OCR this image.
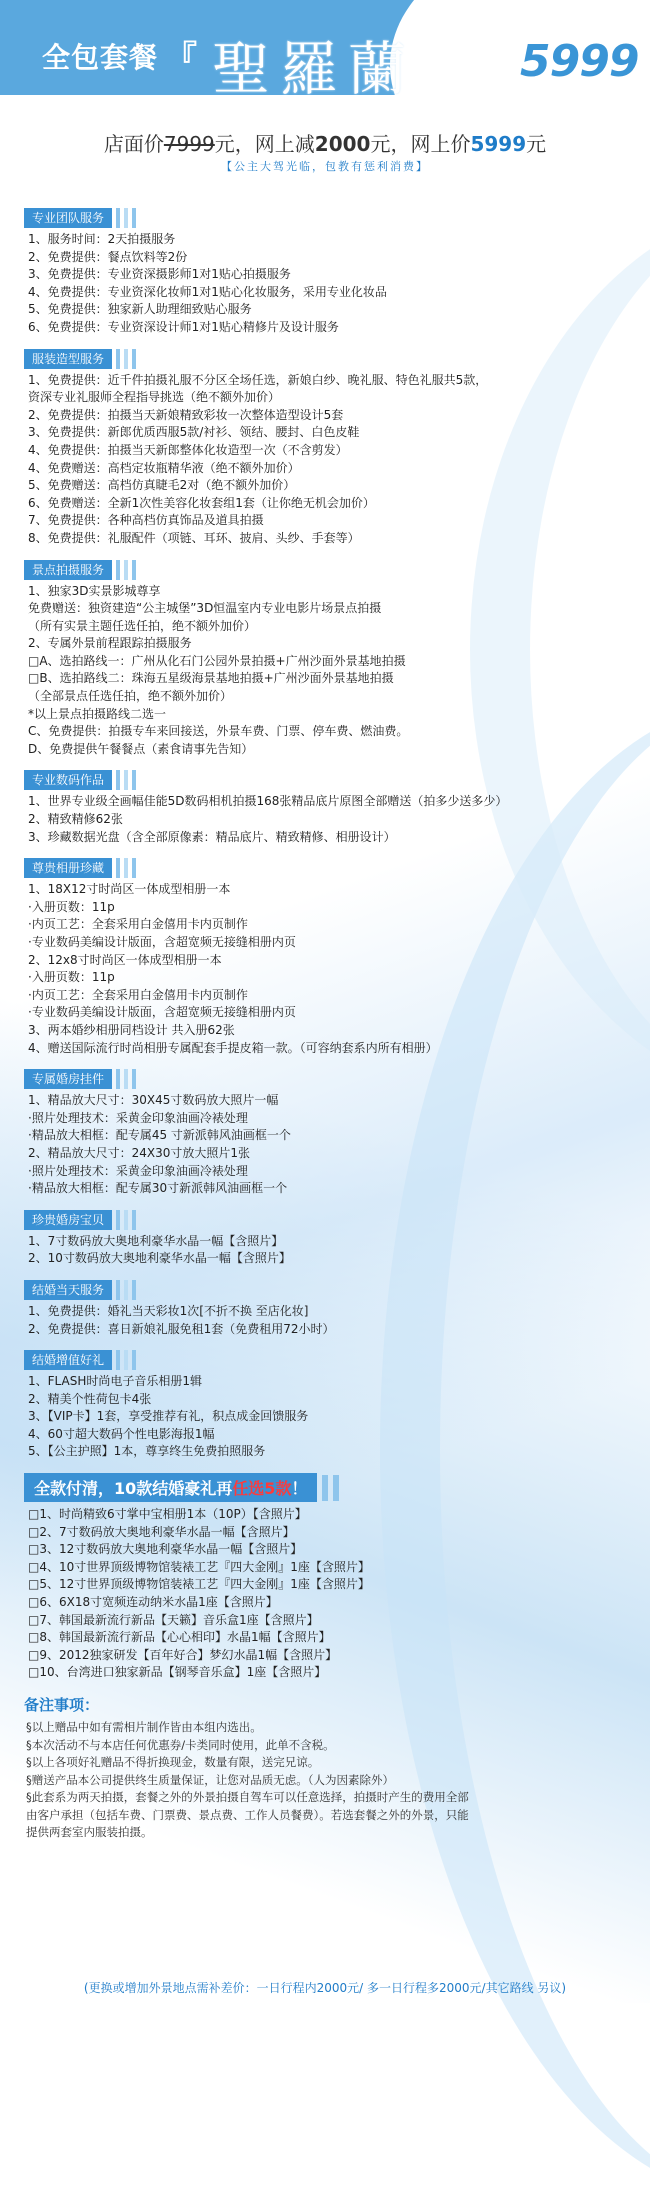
全包套餐 『 聖羅蘭 』 5999
店面价7999元，网上减2000元，网上价5999元
【公主大驾光临，包教有惩利消费】
专业团队服务
1、服务时间：2天拍摄服务
2、免费提供：餐点饮料等2份
3、免费提供：专业资深摄影师1对1贴心拍摄服务
4、免费提供：专业资深化妆师1对1贴心化妆服务，采用专业化妆品
5、免费提供：独家新人助理细致贴心服务
6、免费提供：专业资深设计师1对1贴心精修片及设计服务
服装造型服务
1、免费提供：近千件拍摄礼服不分区全场任选，新娘白纱、晚礼服、特色礼服共5款，
资深专业礼服师全程指导挑选（绝不额外加价）
2、免费提供：拍摄当天新娘精致彩妆一次整体造型设计5套
3、免费提供：新郎优质西服5款/衬衫、领结、腰封、白色皮鞋
4、免费提供：拍摄当天新郎整体化妆造型一次（不含剪发）
4、免费赠送：高档定妆瓶精华液（绝不额外加价）
5、免费赠送：高档仿真睫毛2对（绝不额外加价）
6、免费赠送：全新1次性美容化妆套组1套（让你绝无机会加价）
7、免费提供：各种高档仿真饰品及道具拍摄
8、免费提供：礼服配件（项链、耳环、披肩、头纱、手套等）
景点拍摄服务
1、独家3D实景影城尊享
免费赠送：独资建造“公主城堡”3D恒温室内专业电影片场景点拍摄
（所有实景主题任选任拍，绝不额外加价）
2、专属外景前程跟踪拍摄服务
□A、选拍路线一：广州从化石门公园外景拍摄+广州沙面外景基地拍摄
□B、选拍路线二：珠海五星级海景基地拍摄+广州沙面外景基地拍摄
（全部景点任选任拍，绝不额外加价）
*以上景点拍摄路线二选一
C、免费提供：拍摄专车来回接送，外景车费、门票、停车费、燃油费。
D、免费提供午餐餐点（素食请事先告知）
专业数码作品
1、世界专业级全画幅佳能5D数码相机拍摄168张精品底片原图全部赠送（拍多少送多少）
2、精致精修62张
3、珍藏数据光盘（含全部原像素：精品底片、精致精修、相册设计）
尊贵相册珍藏
1、18X12寸时尚区一体成型相册一本
·入册页数：11p
·内页工艺：全套采用白金僖用卡内页制作
·专业数码美编设计版面，含超宽频无接缝相册内页
2、12x8寸时尚区一体成型相册一本
·入册页数：11p
·内页工艺：全套采用白金僖用卡内页制作
·专业数码美编设计版面，含超宽频无接缝相册内页
3、两本婚纱相册同档设计 共入册62张
4、赠送国际流行时尚相册专属配套手提皮箱一款。（可容纳套系内所有相册）
专属婚房挂件
1、精品放大尺寸：30X45寸数码放大照片一幅
·照片处理技术：采黄金印象油画冷裱处理
·精品放大相框：配专属45 寸新派韩风油画框一个
2、精品放大尺寸：24X30寸放大照片1张
·照片处理技术：采黄金印象油画冷裱处理
·精品放大相框：配专属30寸新派韩风油画框一个
珍贵婚房宝贝
1、7寸数码放大奥地利豪华水晶一幅【含照片】
2、10寸数码放大奥地利豪华水晶一幅【含照片】
结婚当天服务
1、免费提供：婚礼当天彩妆1次[不折不换 至店化妆]
2、免费提供：喜日新娘礼服免租1套（免费租用72小时）
结婚增值好礼
1、FLASH时尚电子音乐相册1辑
2、精美个性荷包卡4张
3、【VIP卡】1套，享受推荐有礼，积点成金回馈服务
4、60寸超大数码个性电影海报1幅
5、【公主护照】1本，尊享终生免费拍照服务
全款付清，10款结婚豪礼再任选5款！
□1、时尚精致6寸掌中宝相册1本（10P）【含照片】
□2、7寸数码放大奥地利豪华水晶一幅【含照片】
□3、12寸数码放大奥地利豪华水晶一幅【含照片】
□4、10寸世界顶级博物馆装裱工艺『四大金刚』1座【含照片】
□5、12寸世界顶级博物馆装裱工艺『四大金刚』1座【含照片】
□6、6X18寸宽频连动纳米水晶1座【含照片】
□7、韩国最新流行新品【天籁】音乐盒1座【含照片】
□8、韩国最新流行新品【心心相印】水晶1幅【含照片】
□9、2012独家研发【百年好合】梦幻水晶1幅【含照片】
□10、台湾进口独家新品【钢琴音乐盒】1座【含照片】
备注事项：
§以上赠品中如有需相片制作皆由本组内选出。
§本次活动不与本店任何优惠券/卡类同时使用，此单不含税。
§以上各项好礼赠品不得折换现金，数量有限，送完兄谅。
§赠送产品本公司提供终生质量保证，让您对品质无虑。（人为因素除外）
§此套系为两天拍摄，套餐之外的外景拍摄自驾车可以任意选择，拍摄时产生的费用全部
由客户承担（包括车费、门票费、景点费、工作人员餐费）。若选套餐之外的外景，只能
提供两套室内服装拍摄。
(更换或增加外景地点需补差价：一日行程内2000元/ 多一日行程多2000元/其它路线 另议)
